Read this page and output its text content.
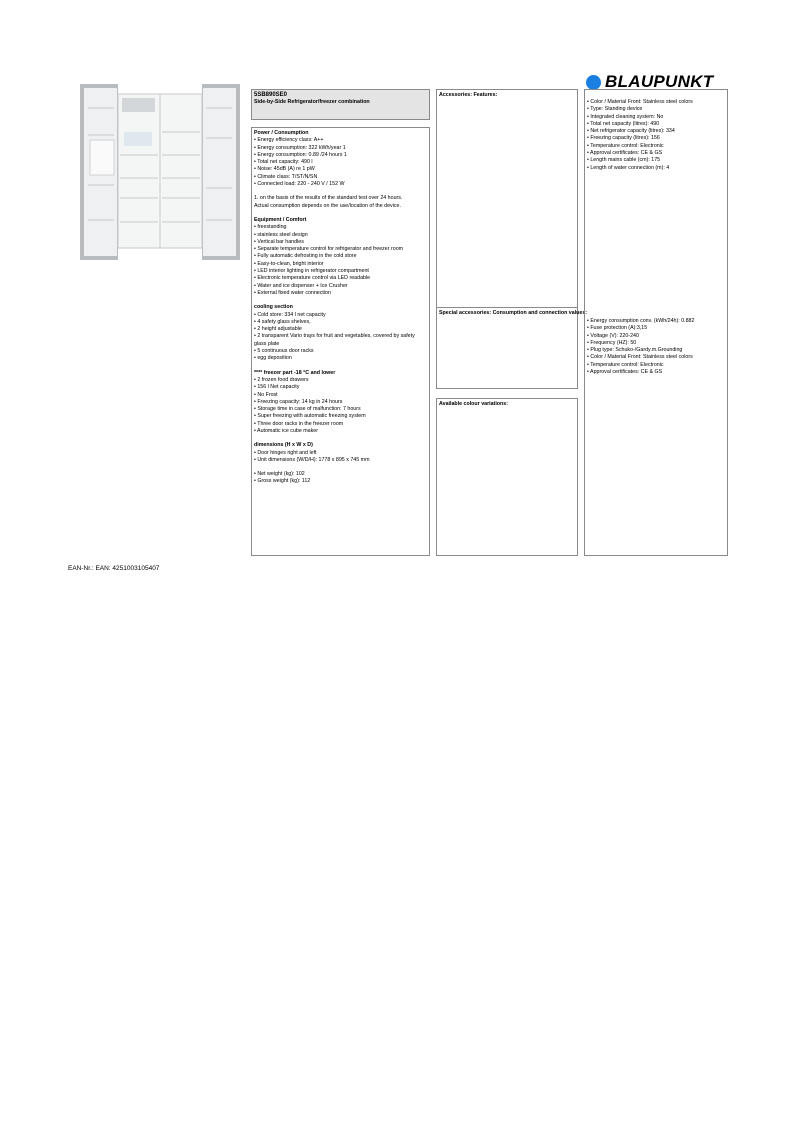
BLAUPUNKT
5SB890SE0
Side-by-Side Refrigerator/freezer combination
Power / Consumption
• Energy efficiency class: A++
• Energy consumption: 322 kWh/year 1
• Energy consumption: 0.89 /24 hours 1
• Total net capacity: 490 l
• Noise: 45dB (A) re 1 pW
• Climate class: T/ST/N/SN
• Connected load: 220 - 240 V / 152 W
1. on the basis of the results of the standard test over 24 hours.
Actual consumption depends on the use/location of the device.
Equipment / Comfort
• freestanding
• stainless steel design
• Vertical bar handles
• Separate temperature control for refrigerator and freezer room
• Fully automatic defrosting in the cold store
• Easy-to-clean, bright interior
• LED interior lighting in refrigerator compartment
• Electronic temperature control via LED readable
• Water and ice dispenser + Ice Crusher
• External fixed water connection
cooling section
• Cold store: 334 l net capacity
• 4 safety glass shelves,
• 2 height adjustable
• 2 transparent Vario trays for fruit and vegetables, covered by safety glass plate
• 5 continuous door racks
• egg deposition
**** freezer part -18 °C and lower
• 2 frozen food drawers
• 156 l Net capacity
• No Frost
• Freezing capacity: 14 kg in 24 hours
• Storage time in case of malfunction: 7 hours
• Super freezing with automatic freezing system
• Three door racks in the freezer room
• Automatic ice cube maker
dimensions (H x W x D)
• Door hinges right and left
• Unit dimensions (W/D/H): 1778 x 895 x 745 mm
• Net weight (kg): 102
• Gross weight (kg): 112
Accessories: Features:
Special accessories: Consumption and connection values:
Available colour variations:
• Color / Material Front: Stainless steel colors
• Type: Standing device
• Integrated cleaning system: No
• Total net capacity (litres): 490
• Net refrigerator capacity (litres): 334
• Freezing capacity (litres): 156
• Temperature control: Electronic
• Approval certificates: CE & GS
• Length mains cable (cm): 175
• Length of water connection (m): 4
• Energy consumption conv. (kWh/24h): 0.882
• Fuse protection (A):3,15
• Voltage (V): 220-240
• Frequency (HZ): 50
• Plug type: Schuko-/Gardy.m.Grounding
• Color / Material Front: Stainless steel colors
• Temperature control: Electronic
• Approval certificates: CE & GS
EAN-Nr.: EAN: 4251003105407
